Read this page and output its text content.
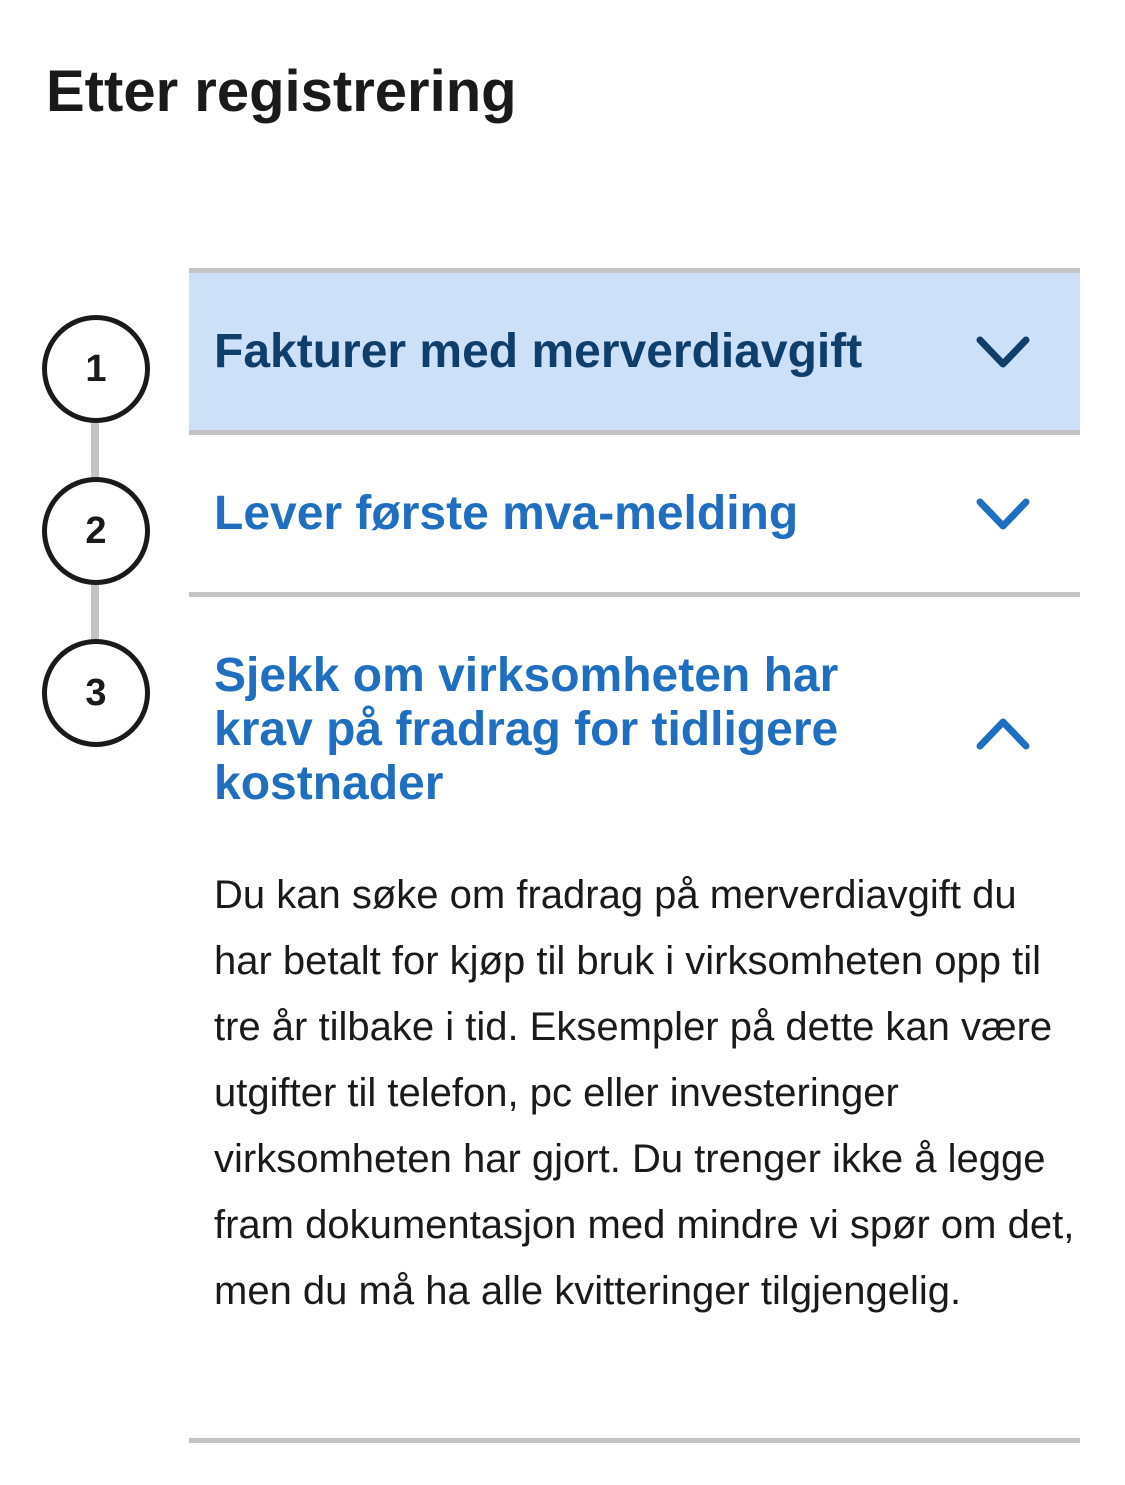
Etter registrering
1
2
3
Fakturer med merverdiavgift
Lever første mva-melding
Sjekk om virksomheten har krav på fradrag for tidligere kostnader

Du kan søke om fradrag på merverdiavgift du har betalt for kjøp til bruk i virksomheten opp til tre år tilbake i tid. Eksempler på dette kan være utgifter til telefon, pc eller investeringer virksomheten har gjort. Du trenger ikke å legge fram dokumentasjon med mindre vi spør om det, men du må ha alle kvitteringer tilgjengelig.
